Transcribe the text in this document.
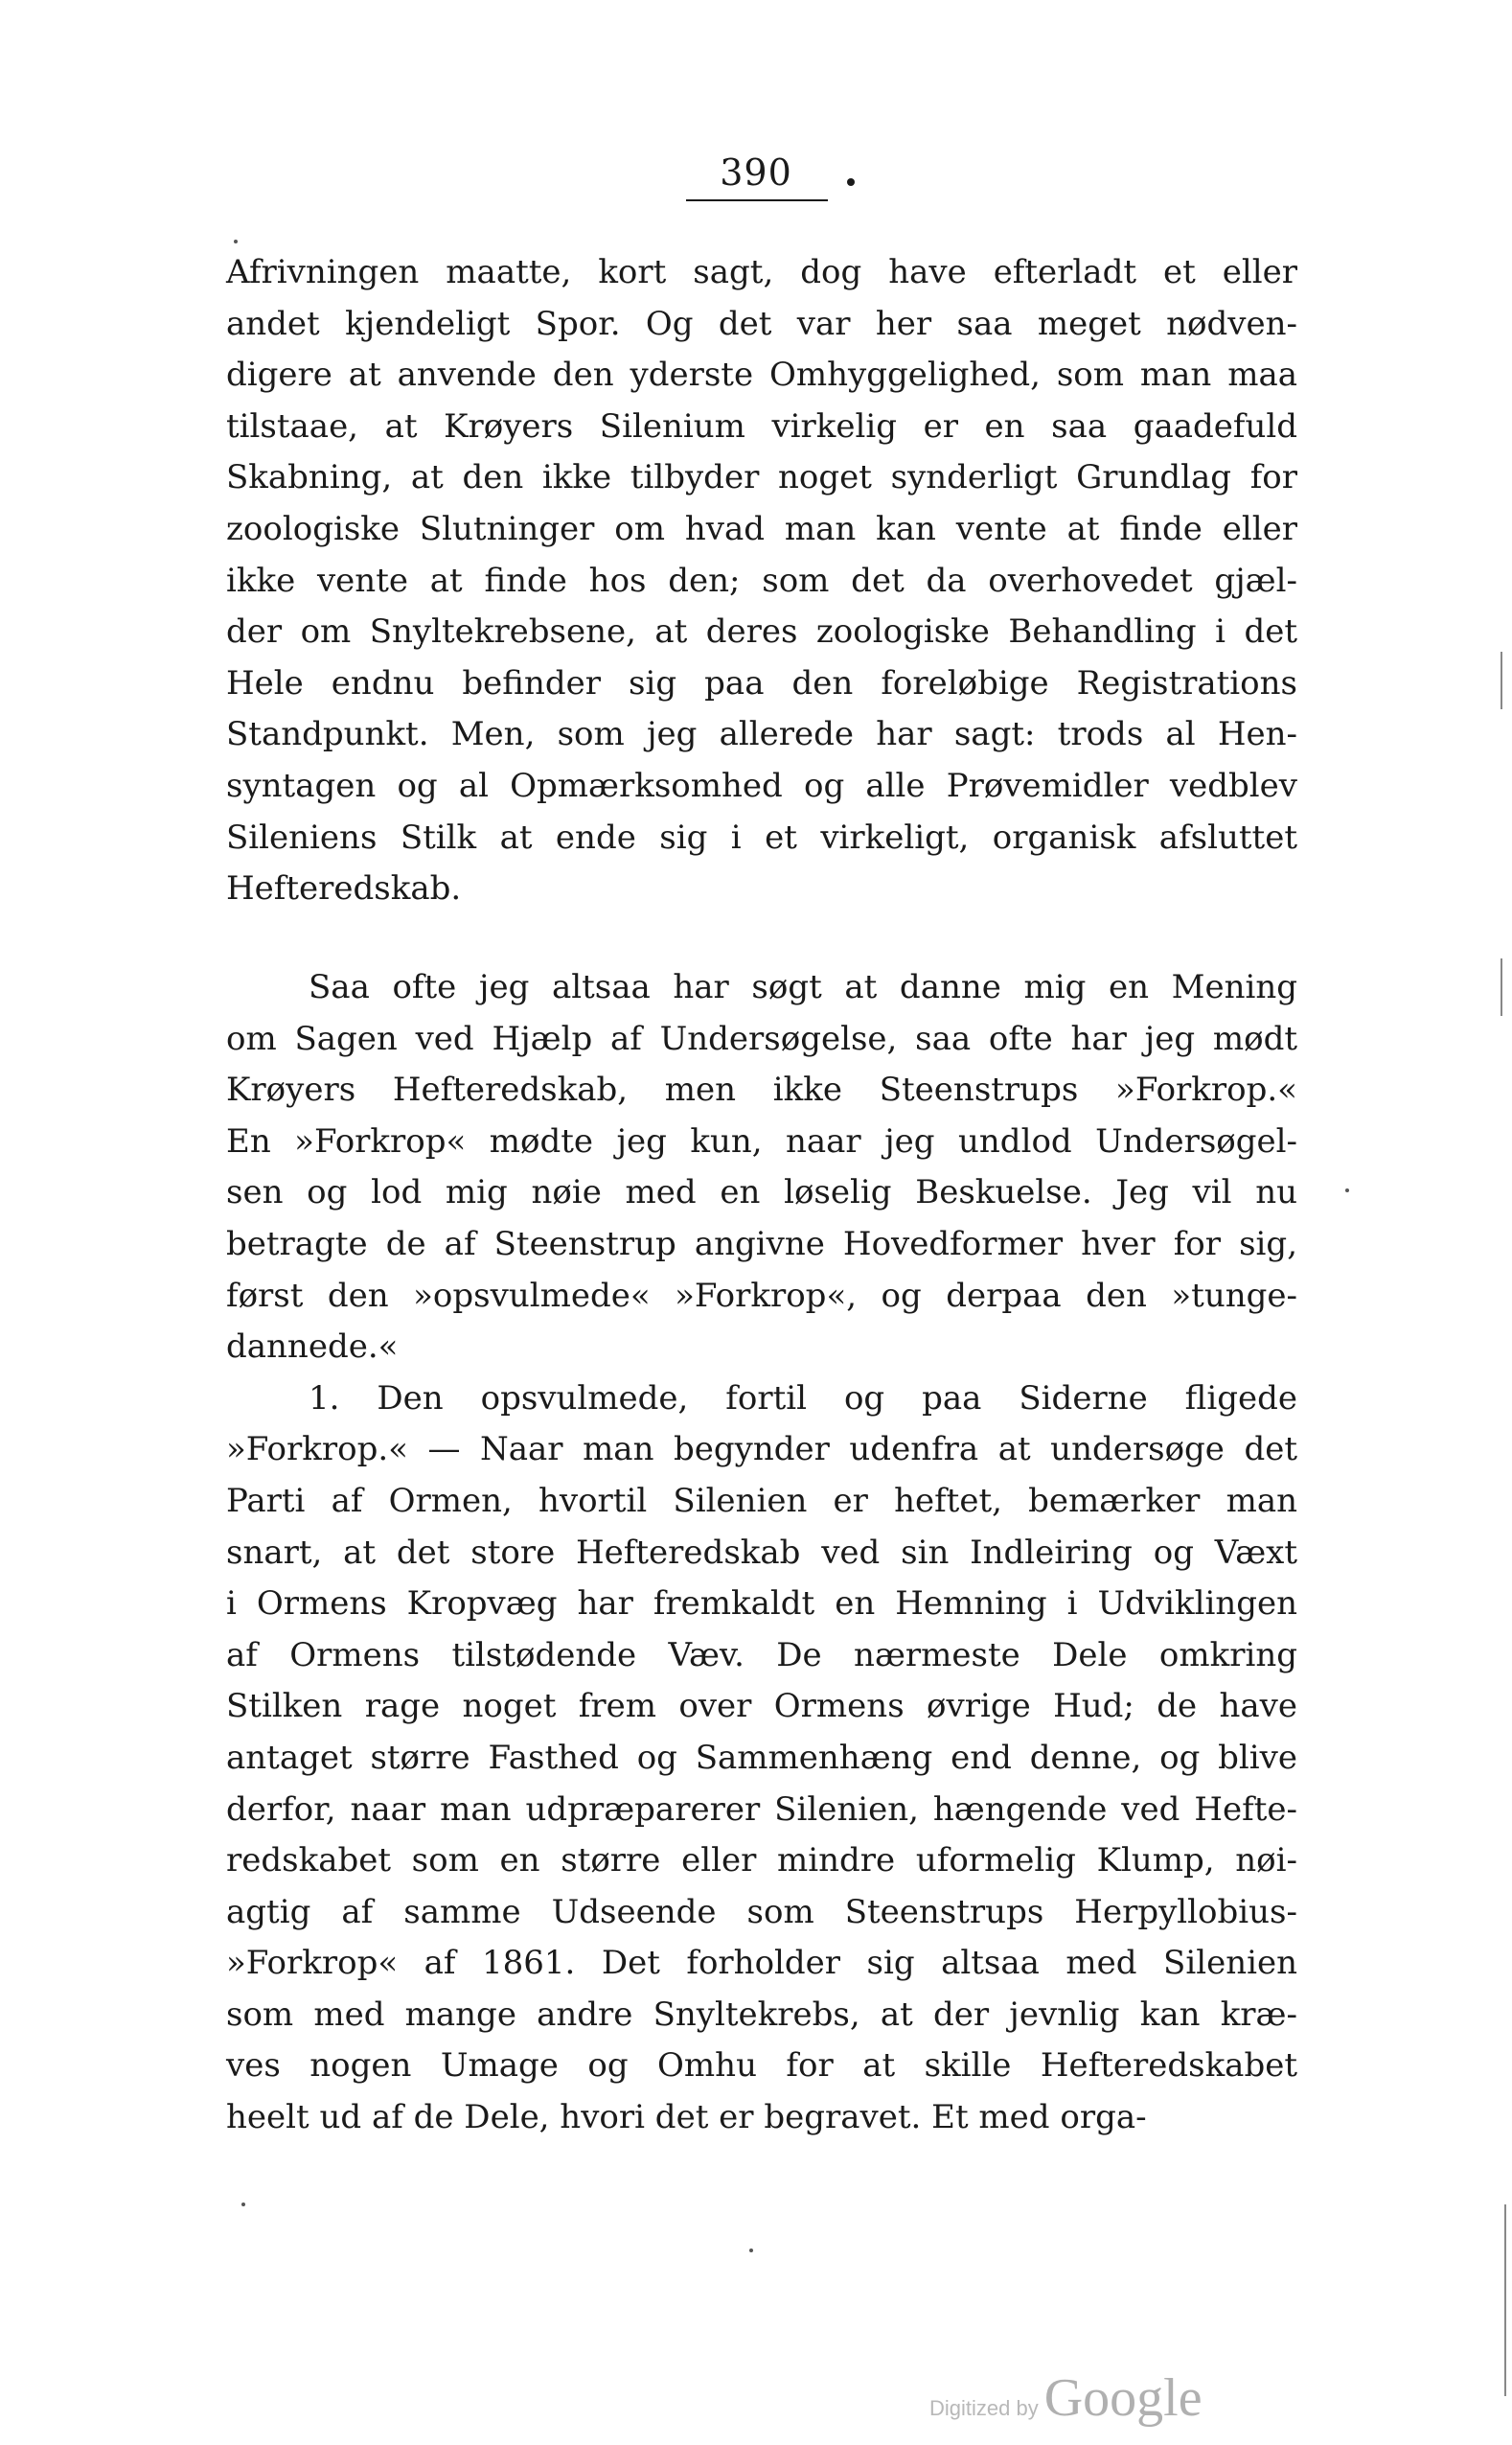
390
Afrivningen maatte, kort sagt, dog have efterladt et eller
andet kjendeligt Spor. Og det var her saa meget nødven-
digere at anvende den yderste Omhyggelighed, som man maa
tilstaae, at Krøyers Silenium virkelig er en saa gaadefuld
Skabning, at den ikke tilbyder noget synderligt Grundlag for
zoologiske Slutninger om hvad man kan vente at finde eller
ikke vente at finde hos den; som det da overhovedet gjæl-
der om Snyltekrebsene, at deres zoologiske Behandling i det
Hele endnu befinder sig paa den foreløbige Registrations
Standpunkt. Men, som jeg allerede har sagt: trods al Hen-
syntagen og al Opmærksomhed og alle Prøvemidler vedblev
Sileniens Stilk at ende sig i et virkeligt, organisk afsluttet
Hefteredskab.
Saa ofte jeg altsaa har søgt at danne mig en Mening
om Sagen ved Hjælp af Undersøgelse, saa ofte har jeg mødt
Krøyers Hefteredskab, men ikke Steenstrups »Forkrop.«
En »Forkrop« mødte jeg kun, naar jeg undlod Undersøgel-
sen og lod mig nøie med en løselig Beskuelse. Jeg vil nu
betragte de af Steenstrup angivne Hovedformer hver for sig,
først den »opsvulmede« »Forkrop«, og derpaa den »tunge-
dannede.«
1. Den opsvulmede, fortil og paa Siderne fligede
»Forkrop.« — Naar man begynder udenfra at undersøge det
Parti af Ormen, hvortil Silenien er heftet, bemærker man
snart, at det store Hefteredskab ved sin Indleiring og Væxt
i Ormens Kropvæg har fremkaldt en Hemning i Udviklingen
af Ormens tilstødende Væv. De nærmeste Dele omkring
Stilken rage noget frem over Ormens øvrige Hud; de have
antaget større Fasthed og Sammenhæng end denne, og blive
derfor, naar man udpræparerer Silenien, hængende ved Hefte-
redskabet som en større eller mindre uformelig Klump, nøi-
agtig af samme Udseende som Steenstrups Herpyllobius-
»Forkrop« af 1861. Det forholder sig altsaa med Silenien
som med mange andre Snyltekrebs, at der jevnlig kan kræ-
ves nogen Umage og Omhu for at skille Hefteredskabet
heelt ud af de Dele, hvori det er begravet. Et med orga-
Digitized by Google
